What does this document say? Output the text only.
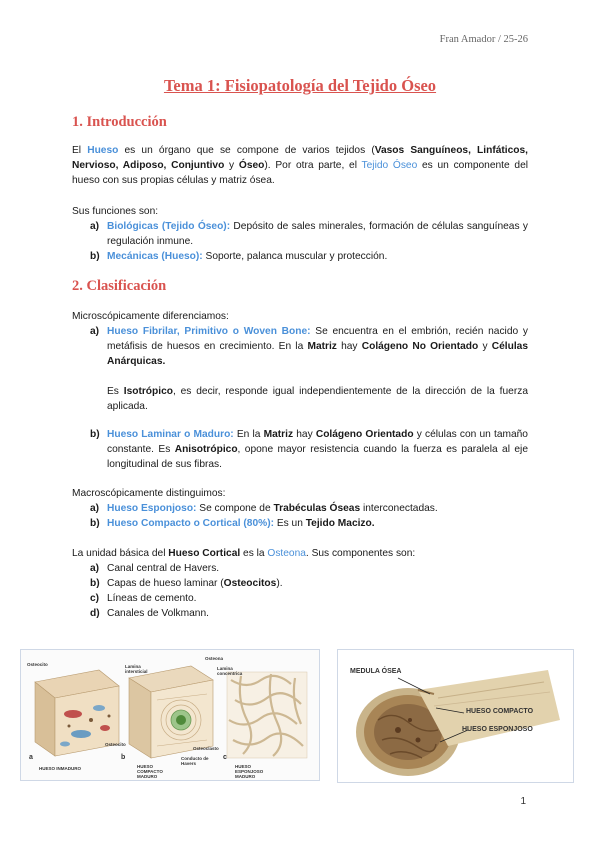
Fran Amador / 25-26
Tema 1: Fisiopatología del Tejido Óseo
1. Introducción
El Hueso es un órgano que se compone de varios tejidos (Vasos Sanguíneos, Linfáticos, Nervioso, Adiposo, Conjuntivo y Óseo). Por otra parte, el Tejido Óseo es un componente del hueso con sus propias células y matriz ósea.
Sus funciones son:
a) Biológicas (Tejido Óseo): Depósito de sales minerales, formación de células sanguíneas y regulación inmune.
b) Mecánicas (Hueso): Soporte, palanca muscular y protección.
2. Clasificación
Microscópicamente diferenciamos:
a) Hueso Fibrilar, Primitivo o Woven Bone: Se encuentra en el embrión, recién nacido y metáfisis de huesos en crecimiento. En la Matriz hay Colágeno No Orientado y Células Anárquicas.
Es Isotrópico, es decir, responde igual independientemente de la dirección de la fuerza aplicada.
b) Hueso Laminar o Maduro: En la Matriz hay Colágeno Orientado y células con un tamaño constante. Es Anisotrópico, opone mayor resistencia cuando la fuerza es paralela al eje longitudinal de sus fibras.
Macroscópicamente distinguimos:
a) Hueso Esponjoso: Se compone de Trabéculas Óseas interconectadas.
b) Hueso Compacto o Cortical (80%): Es un Tejido Macizo.
La unidad básica del Hueso Cortical es la Osteona. Sus componentes son:
a) Canal central de Havers.
b) Capas de hueso laminar (Osteocitos).
c) Líneas de cemento.
d) Canales de Volkmann.
Osteocito	Lamina intersticial
Osteona
Lamina concentrica
Osteocito
Osteoclasto
Conducto de Havers
a	b	c
HUESO INMADURO	HUESO COMPACTO MADURO
HUESO ESPONJOSO MADURO
MEDULA ÓSEA
HUESO COMPACTO
HUESO ESPONJOSO
1
